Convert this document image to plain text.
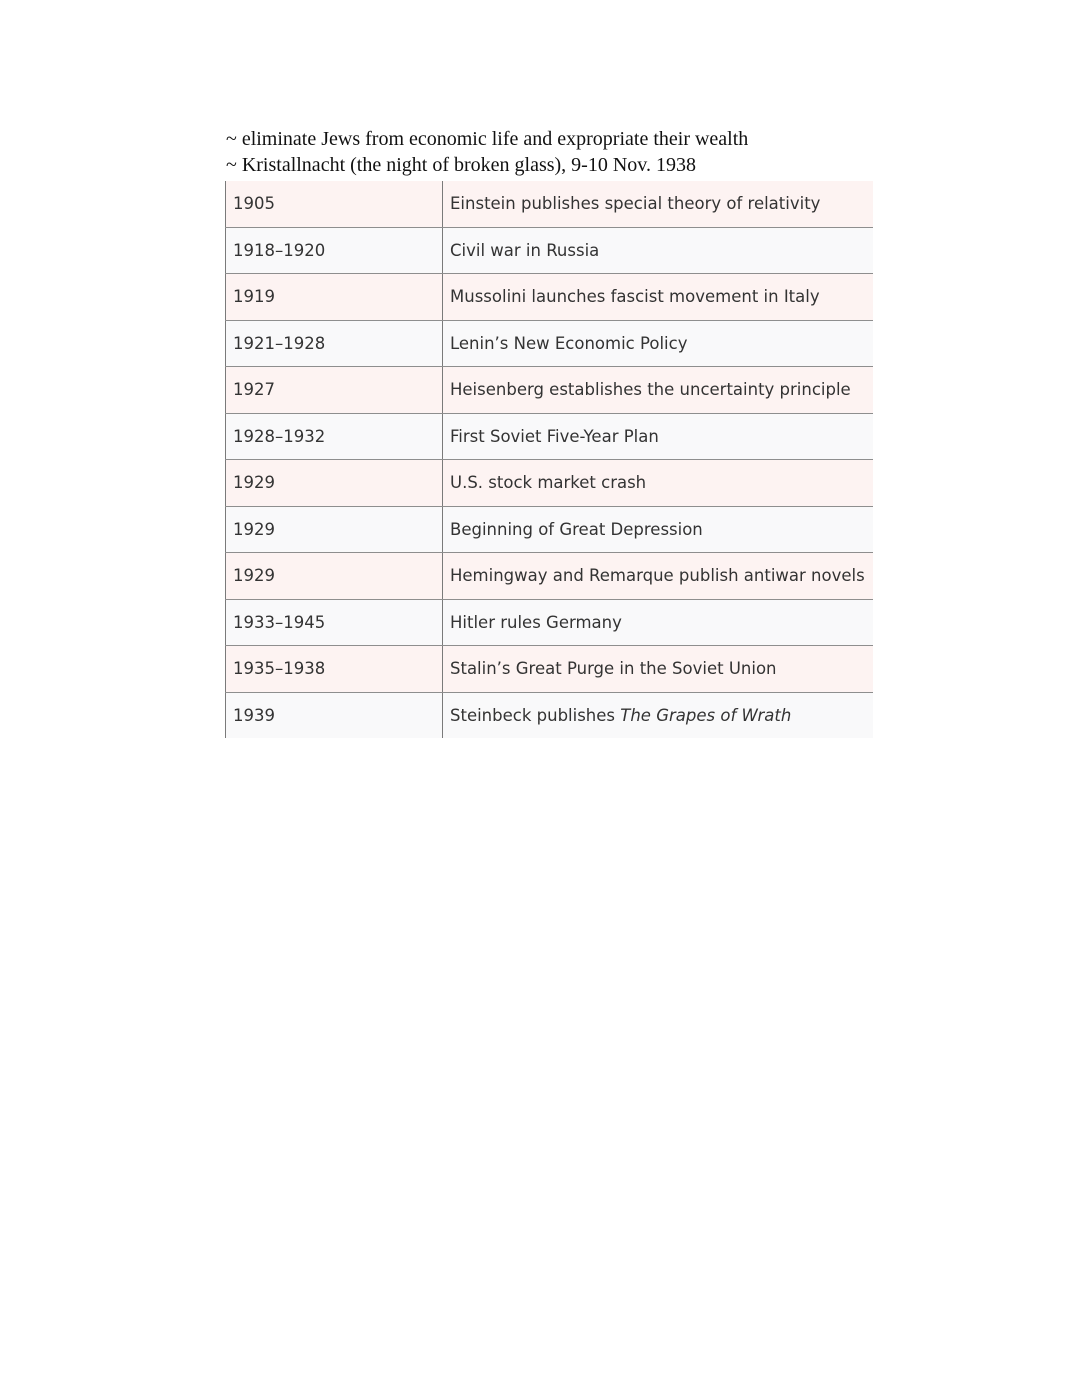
~ eliminate Jews from economic life and expropriate their wealth
~ Kristallnacht (the night of broken glass), 9-10 Nov. 1938
1905	Einstein publishes special theory of relativity
1918–1920	Civil war in Russia
1919	Mussolini launches fascist movement in Italy
1921–1928	Lenin’s New Economic Policy
1927	Heisenberg establishes the uncertainty principle
1928–1932	First Soviet Five-Year Plan
1929	U.S. stock market crash
1929	Beginning of Great Depression
1929	Hemingway and Remarque publish antiwar novels
1933–1945	Hitler rules Germany
1935–1938	Stalin’s Great Purge in the Soviet Union
1939	Steinbeck publishes The Grapes of Wrath
